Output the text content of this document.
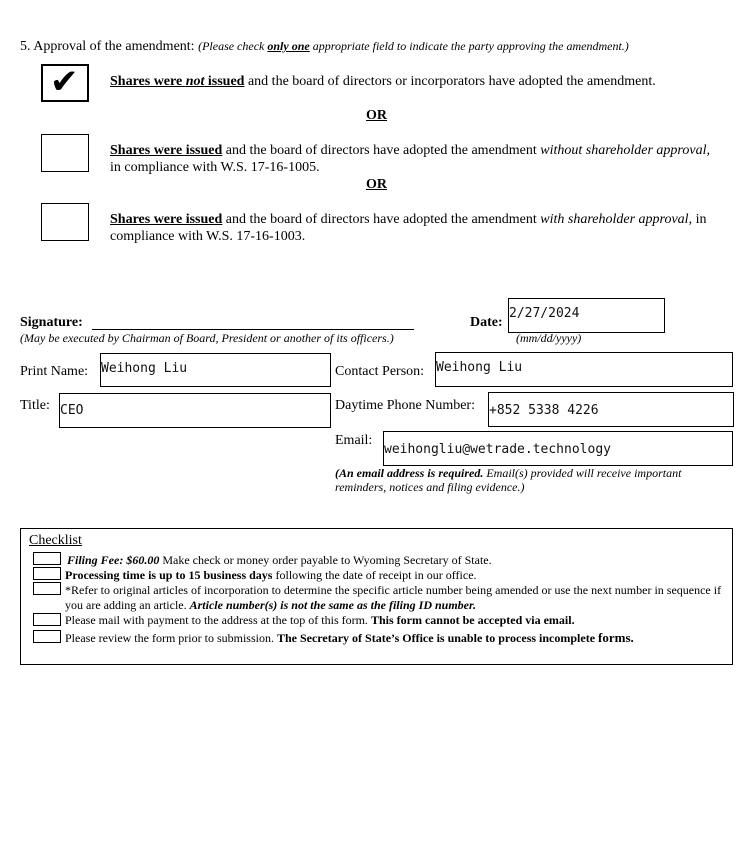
5. Approval of the amendment: (Please check only one appropriate field to indicate the party approving the amendment.)
✔ Shares were not issued and the board of directors or incorporators have adopted the amendment.
OR
Shares were issued and the board of directors have adopted the amendment without shareholder approval, in compliance with W.S. 17-16-1005.
OR
Shares were issued and the board of directors have adopted the amendment with shareholder approval, in compliance with W.S. 17-16-1003.
Signature:
(May be executed by Chairman of Board, President or another of its officers.)
Date:
2/27/2024
(mm/dd/yyyy)
Print Name: Weihong Liu	Contact Person: Weihong Liu
Title: CEO	Daytime Phone Number: +852 5338 4226
Email:
weihongliu@wetrade.technology
(An email address is required. Email(s) provided will receive important reminders, notices and filing evidence.)
Checklist
Filing Fee: $60.00 Make check or money order payable to Wyoming Secretary of State.
Processing time is up to 15 business days following the date of receipt in our office.
*Refer to original articles of incorporation to determine the specific article number being amended or use the next number in sequence if you are adding an article. Article number(s) is not the same as the filing ID number.
Please mail with payment to the address at the top of this form. This form cannot be accepted via email.
Please review the form prior to submission. The Secretary of State’s Office is unable to process incomplete forms.
